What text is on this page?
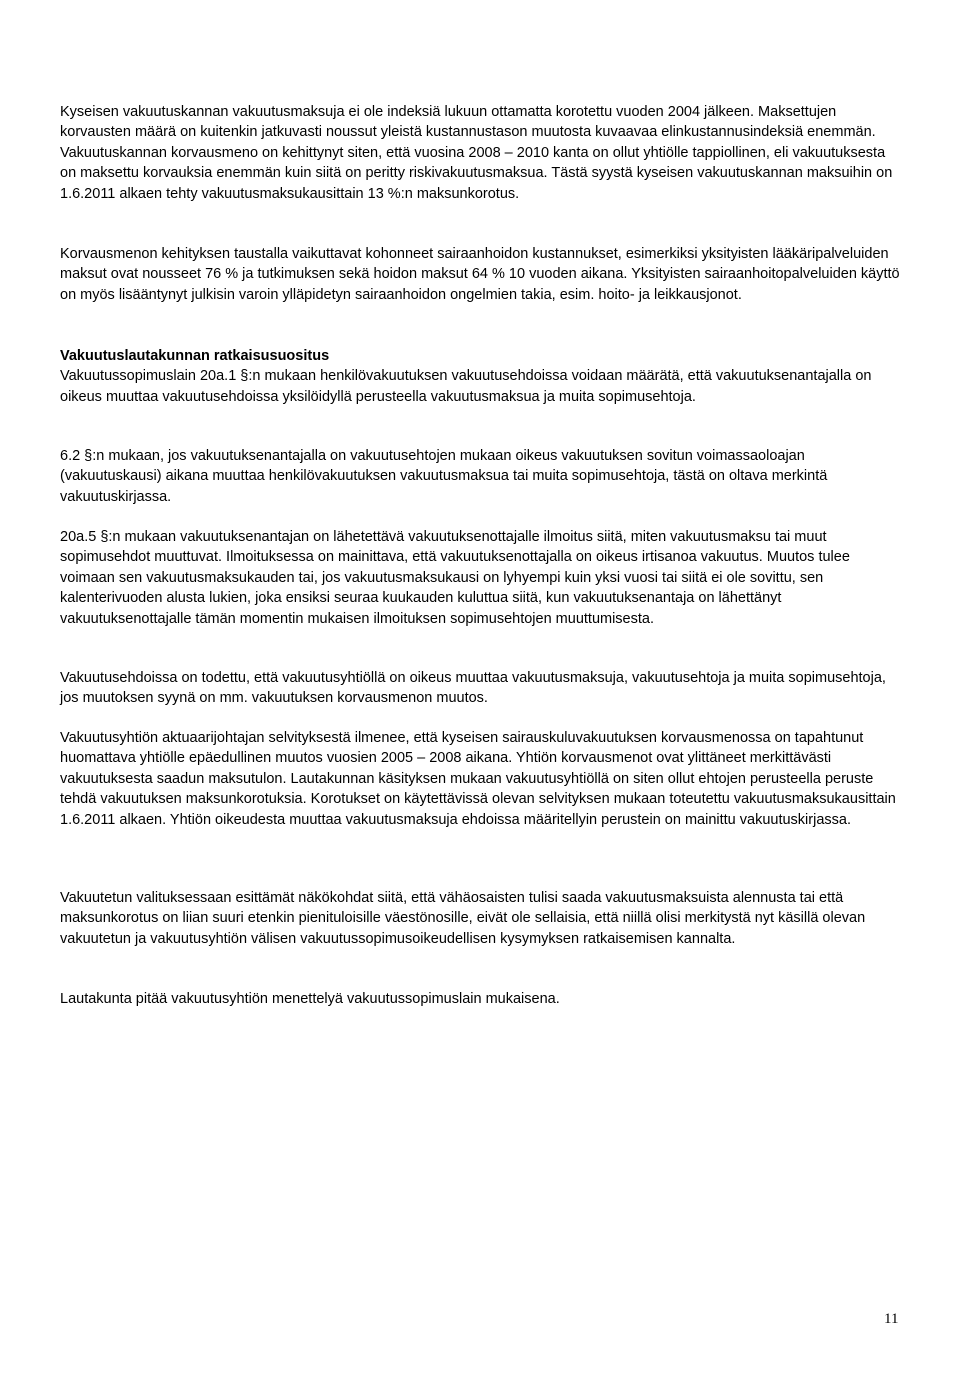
Kyseisen vakuutuskannan vakuutusmaksuja ei ole indeksiä lukuun ottamatta korotettu vuoden 2004 jälkeen. Maksettujen korvausten määrä on kuitenkin jatkuvasti noussut yleistä kustannustason muutosta kuvaavaa elinkustannusindeksiä enemmän. Vakuutuskannan korvausmeno on kehittynyt siten, että vuosina 2008 – 2010 kanta on ollut yhtiölle tappiollinen, eli vakuutuksesta on maksettu korvauksia enemmän kuin siitä on peritty riskivakuutusmaksua. Tästä syystä kyseisen vakuutuskannan maksuihin on 1.6.2011 alkaen tehty vakuutusmaksukausittain 13 %:n maksunkorotus.

Korvausmenon kehityksen taustalla vaikuttavat kohonneet sairaanhoidon kustannukset, esimerkiksi yksityisten lääkäripalveluiden maksut ovat nousseet 76 % ja tutkimuksen sekä hoidon maksut 64 % 10 vuoden aikana. Yksityisten sairaanhoitopalveluiden käyttö on myös lisääntynyt julkisin varoin ylläpidetyn sairaanhoidon ongelmien takia, esim. hoito- ja leikkausjonot.

Vakuutuslautakunnan ratkaisusuositus

Vakuutussopimuslain 20a.1 §:n mukaan henkilövakuutuksen vakuutusehdoissa voidaan määrätä, että vakuutuksenantajalla on oikeus muuttaa vakuutusehdoissa yksilöidyllä perusteella vakuutusmaksua ja muita sopimusehtoja.

6.2 §:n mukaan, jos vakuutuksenantajalla on vakuutusehtojen mukaan oikeus vakuutuksen sovitun voimassaoloajan (vakuutuskausi) aikana muuttaa henkilövakuutuksen vakuutusmaksua tai muita sopimusehtoja, tästä on oltava merkintä vakuutuskirjassa.

20a.5 §:n mukaan vakuutuksenantajan on lähetettävä vakuutuksenottajalle ilmoitus siitä, miten vakuutusmaksu tai muut sopimusehdot muuttuvat. Ilmoituksessa on mainittava, että vakuutuksenottajalla on oikeus irtisanoa vakuutus. Muutos tulee voimaan sen vakuutusmaksukauden tai, jos vakuutusmaksukausi on lyhyempi kuin yksi vuosi tai siitä ei ole sovittu, sen kalenterivuoden alusta lukien, joka ensiksi seuraa kuukauden kuluttua siitä, kun vakuutuksenantaja on lähettänyt vakuutuksenottajalle tämän momentin mukaisen ilmoituksen sopimusehtojen muuttumisesta.

Vakuutusehdoissa on todettu, että vakuutusyhtiöllä on oikeus muuttaa vakuutusmaksuja, vakuutusehtoja ja muita sopimusehtoja, jos muutoksen syynä on mm. vakuutuksen korvausmenon muutos.

Vakuutusyhtiön aktuaarijohtajan selvityksestä ilmenee, että kyseisen sairauskuluvakuutuksen korvausmenossa on tapahtunut huomattava yhtiölle epäedullinen muutos vuosien 2005 – 2008 aikana. Yhtiön korvausmenot ovat ylittäneet merkittävästi vakuutuksesta saadun maksutulon. Lautakunnan käsityksen mukaan vakuutusyhtiöllä on siten ollut ehtojen perusteella peruste tehdä vakuutuksen maksunkorotuksia. Korotukset on käytettävissä olevan selvityksen mukaan toteutettu vakuutusmaksukausittain 1.6.2011 alkaen. Yhtiön oikeudesta muuttaa vakuutusmaksuja ehdoissa määritellyin perustein on mainittu vakuutuskirjassa.

Vakuutetun valituksessaan esittämät näkökohdat siitä, että vähäosaisten tulisi saada vakuutusmaksuista alennusta tai että maksunkorotus on liian suuri etenkin pienituloisille väestönosille, eivät ole sellaisia, että niillä olisi merkitystä nyt käsillä olevan vakuutetun ja vakuutusyhtiön välisen vakuutussopimusoikeudellisen kysymyksen ratkaisemisen kannalta.

Lautakunta pitää vakuutusyhtiön menettelyä vakuutussopimuslain mukaisena.

11
